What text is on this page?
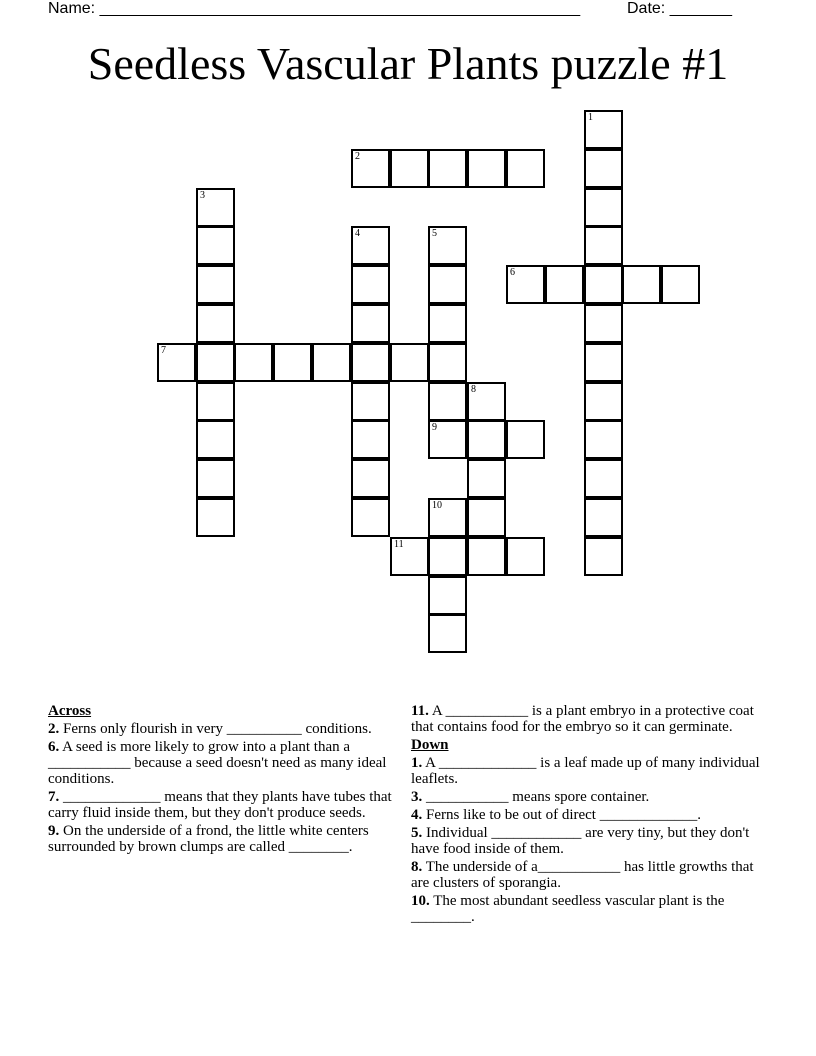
Name: ______________________________________________________

	Date: _______

Seedless Vascular Plants puzzle #1
1
2
3
4	5
6
7
8
9
10
11
Across
2. Ferns only flourish in very __________ conditions.
6. A seed is more likely to grow into a plant than a ___________ because a seed doesn't need as many ideal conditions.
7. _____________ means that they plants have tubes that carry fluid inside them, but they don't produce seeds.
9. On the underside of a frond, the little white centers surrounded by brown clumps are called ________.
11. A ___________ is a plant embryo in a protective coat that contains food for the embryo so it can germinate.
Down
1. A _____________ is a leaf made up of many individual leaflets.
3. ___________ means spore container.
4. Ferns like to be out of direct _____________.
5. Individual ____________ are very tiny, but they don't have food inside of them.
8. The underside of a___________ has little growths that are clusters of sporangia.
10. The most abundant seedless vascular plant is the ________.
